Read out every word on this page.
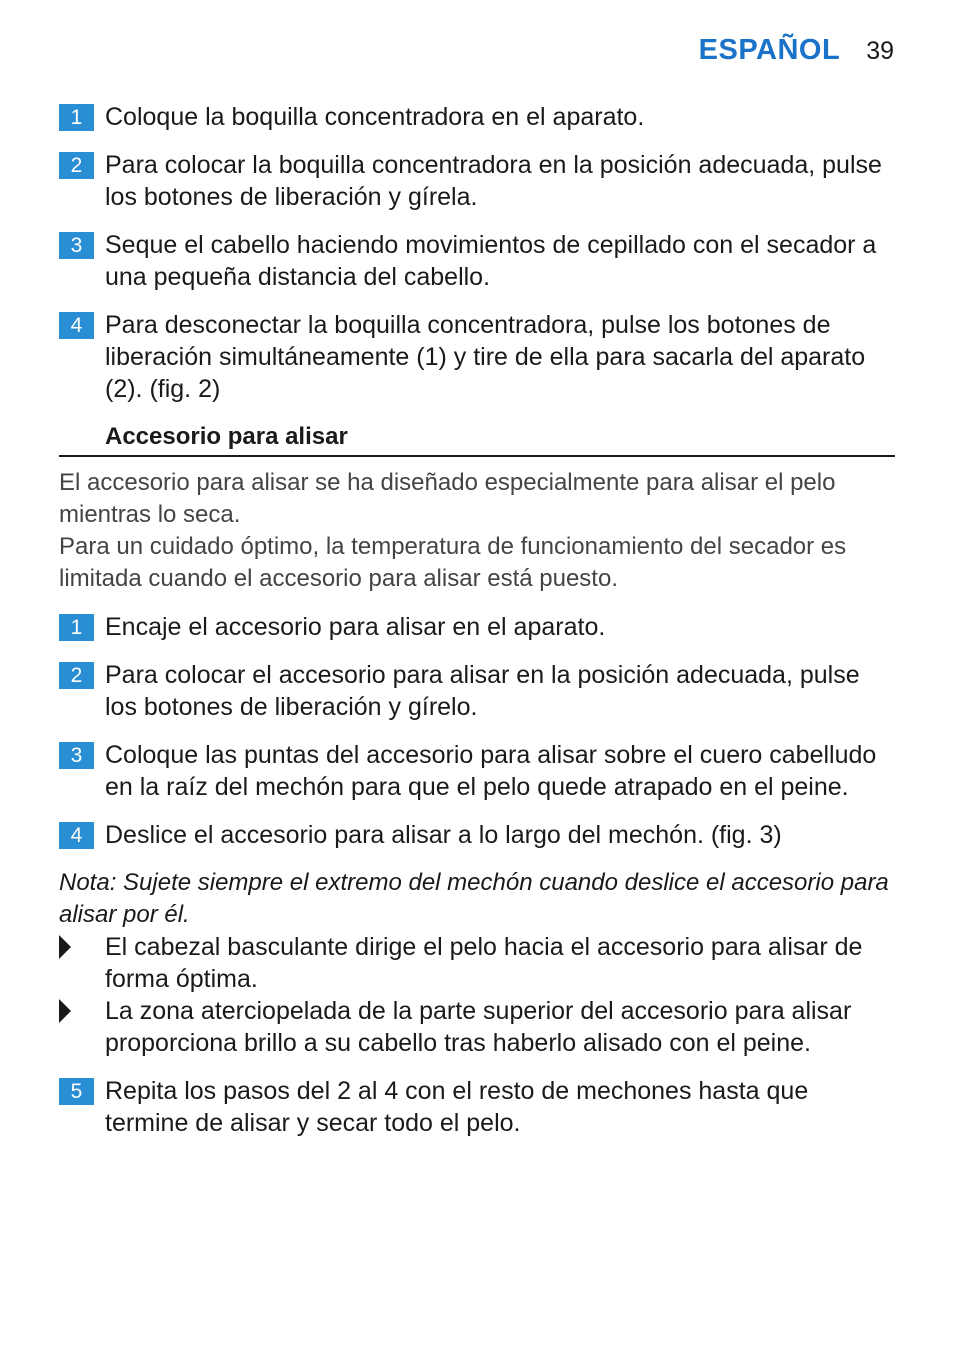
ESPAÑOL 39
1 Coloque la boquilla concentradora en el aparato.
2 Para colocar la boquilla concentradora en la posición adecuada, pulse los botones de liberación y gírela.
3 Seque el cabello haciendo movimientos de cepillado con el secador a una pequeña distancia del cabello.
4 Para desconectar la boquilla concentradora, pulse los botones de liberación simultáneamente (1) y tire de ella para sacarla del aparato (2). (fig. 2)
Accesorio para alisar

El accesorio para alisar se ha diseñado especialmente para alisar el pelo mientras lo seca.

Para un cuidado óptimo, la temperatura de funcionamiento del secador es limitada cuando el accesorio para alisar está puesto.

1 Encaje el accesorio para alisar en el aparato.
2 Para colocar el accesorio para alisar en la posición adecuada, pulse los botones de liberación y gírelo.
3 Coloque las puntas del accesorio para alisar sobre el cuero cabelludo en la raíz del mechón para que el pelo quede atrapado en el peine.
4 Deslice el accesorio para alisar a lo largo del mechón. (fig. 3)

Nota: Sujete siempre el extremo del mechón cuando deslice el accesorio para alisar por él.

El cabezal basculante dirige el pelo hacia el accesorio para alisar de forma óptima.
La zona aterciopelada de la parte superior del accesorio para alisar proporciona brillo a su cabello tras haberlo alisado con el peine.
5 Repita los pasos del 2 al 4 con el resto de mechones hasta que termine de alisar y secar todo el pelo.
